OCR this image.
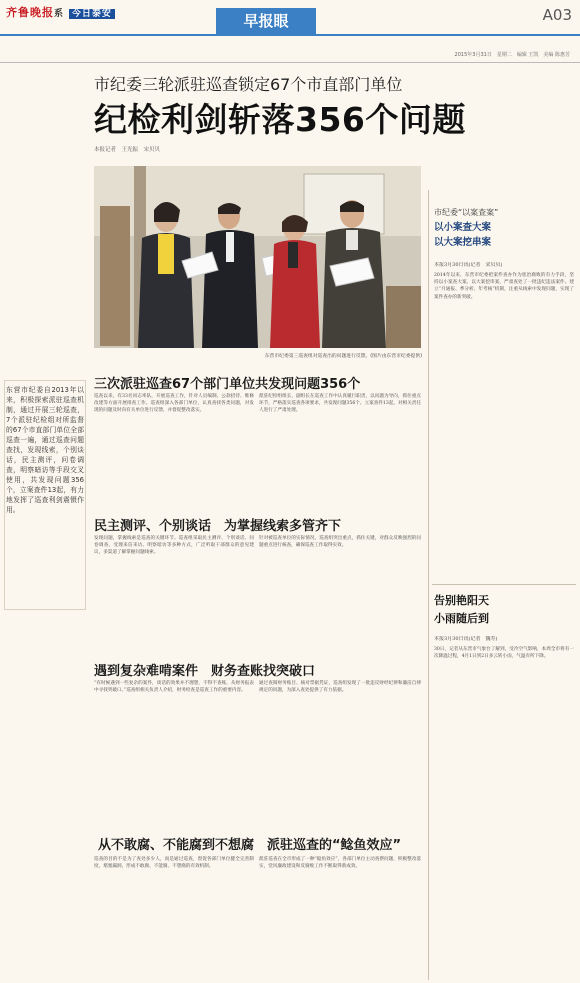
齐鲁晚报系 今日泰安	早报眼	A03
2015年3月31日　星期二　编辑 王凯　美编 陈惠芳
市纪委三轮派驻巡查锁定67个市直部门单位
纪检利剑斩落356个问题
本报记者　王光振　宋贝贝
东营市纪委第三巡查组对巡查出的问题进行反馈。(图片由东营市纪委提供)
东营市纪委自2013年以来，积极探索派驻巡查机制，通过开展三轮巡查，7个派驻纪检组对所监督的67个市直部门单位全部巡查一遍，通过巡查问题查找，发现线索，个别谈话，民主测评，问卷调查，明察暗访等手段交叉使用，共发现问题356个，立案查件13起，有力地发挥了巡查利剑震慑作用。
三次派驻巡查67个部门单位共发现问题356个
巡查以来，有33名同志率队，开展巡查工作，针对人员编制、公款招待、维修改建等方面开展排查工作。巡查组深入各部门单位，认真查找各类问题，对发现的问题及时向有关单位进行反馈，并督促整改落实。
派驻纪检组组长、副组长在巡查工作中认真履行职责，以问题为导向，抓住重点环节，严格落实巡查各项要求，共发现问题356个。立案查件13起，对相关责任人进行了严肃处理。
民主测评、个别谈话　为掌握线索多管齐下
发现问题，掌握线索是巡查的关键环节。巡查组采取民主测评、个别谈话、问卷调查、受理来信来访、明察暗访等多种方式，广泛听取干部群众的意见建议，多渠道了解掌握问题线索。
针对被巡查单位的实际情况，巡查组突出重点，抓住关键，对群众反映强烈的问题重点进行核查，确保巡查工作取得实效。
遇到复杂难啃案件　财务查账找突破口
“有时候遇到一些复杂的案件，谈话的效果并不理想，不得不查账，从财务报表中寻找突破口。”巡查组相关负责人介绍，财务检查是巡查工作的重要内容。
通过查阅财务账目、核对票据凭证，巡查组发现了一批违反财经纪律和廉洁自律规定的问题，为深入查处提供了有力依据。
从不敢腐、不能腐到不想腐　派驻巡查的“鲶鱼效应”
巡查的目的不是为了查处多少人，而是通过巡查，督促各部门单位健全完善制度，堵塞漏洞，形成不敢腐、不能腐、不想腐的有效机制。
派驻巡查在全市形成了一种“鲶鱼效应”，各部门单位主动查摆问题，积极整改落实，党风廉政建设和反腐败工作不断取得新成效。
市纪委“以案查案”
以小案查大案
以大案挖串案
本报3月30日讯(记者　宋贝贝)
2014年以来，东营市纪委把案件查办作为惩治腐败的有力手段，坚持以小案查大案、以大案挖串案，严肃查处了一批违纪违法案件。建立“月通报、季分析、年考核”机制，注重从线索中发现问题，实现了案件查办的新突破。
告别艳阳天
小雨随后到
本报3月30日讯(记者　魏寿)
30日，记者从东营市气象台了解到，受冷空气影响，本周全市将有一次降温过程，4月1日到2日多云转小雨，气温有所下降。
